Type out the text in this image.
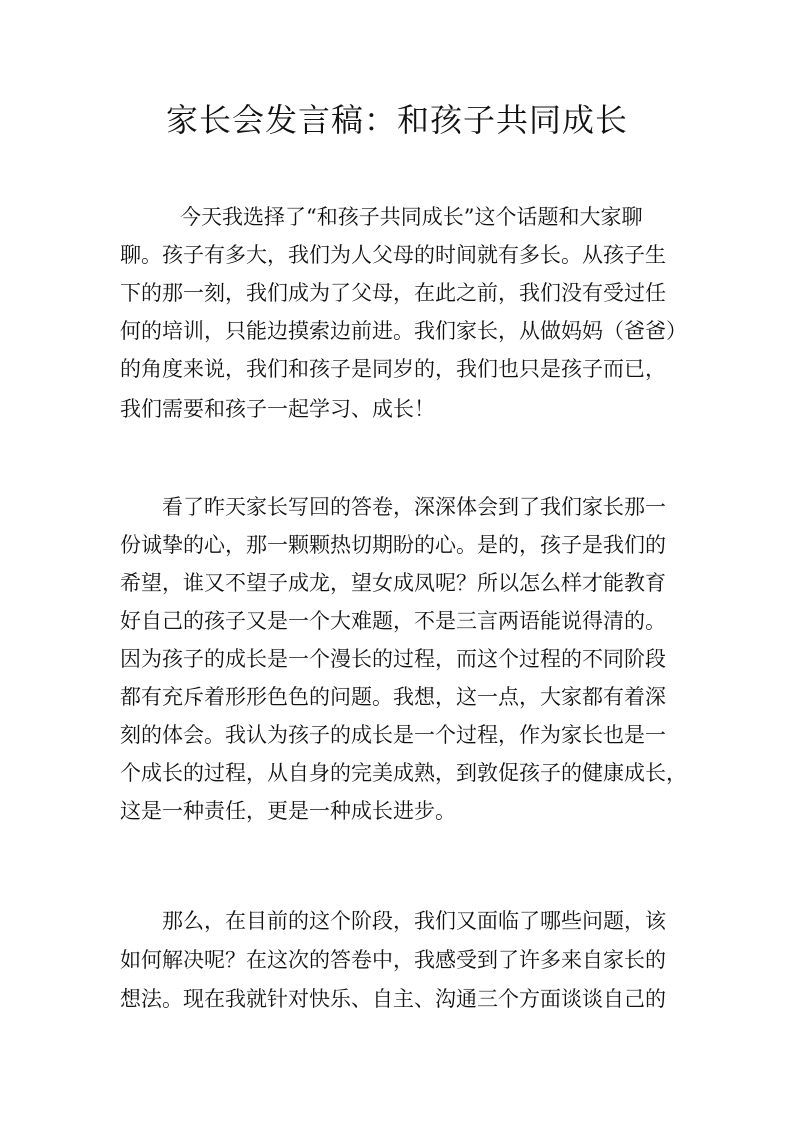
家长会发言稿：和孩子共同成长

今天我选择了“和孩子共同成长”这个话题和大家聊

聊。孩子有多大，我们为人父母的时间就有多长。从孩子生

下的那一刻，我们成为了父母，在此之前，我们没有受过任

何的培训，只能边摸索边前进。我们家长，从做妈妈（爸爸）

的角度来说，我们和孩子是同岁的，我们也只是孩子而已，

我们需要和孩子一起学习、成长！

看了昨天家长写回的答卷，深深体会到了我们家长那一

份诚挚的心，那一颗颗热切期盼的心。是的，孩子是我们的

希望，谁又不望子成龙，望女成凤呢？所以怎么样才能教育

好自己的孩子又是一个大难题，不是三言两语能说得清的。

因为孩子的成长是一个漫长的过程，而这个过程的不同阶段

都有充斥着形形色色的问题。我想，这一点，大家都有着深

刻的体会。我认为孩子的成长是一个过程，作为家长也是一

个成长的过程，从自身的完美成熟，到敦促孩子的健康成长，

这是一种责任，更是一种成长进步。

那么，在目前的这个阶段，我们又面临了哪些问题，该

如何解决呢？在这次的答卷中，我感受到了许多来自家长的

想法。现在我就针对快乐、自主、沟通三个方面谈谈自己的
